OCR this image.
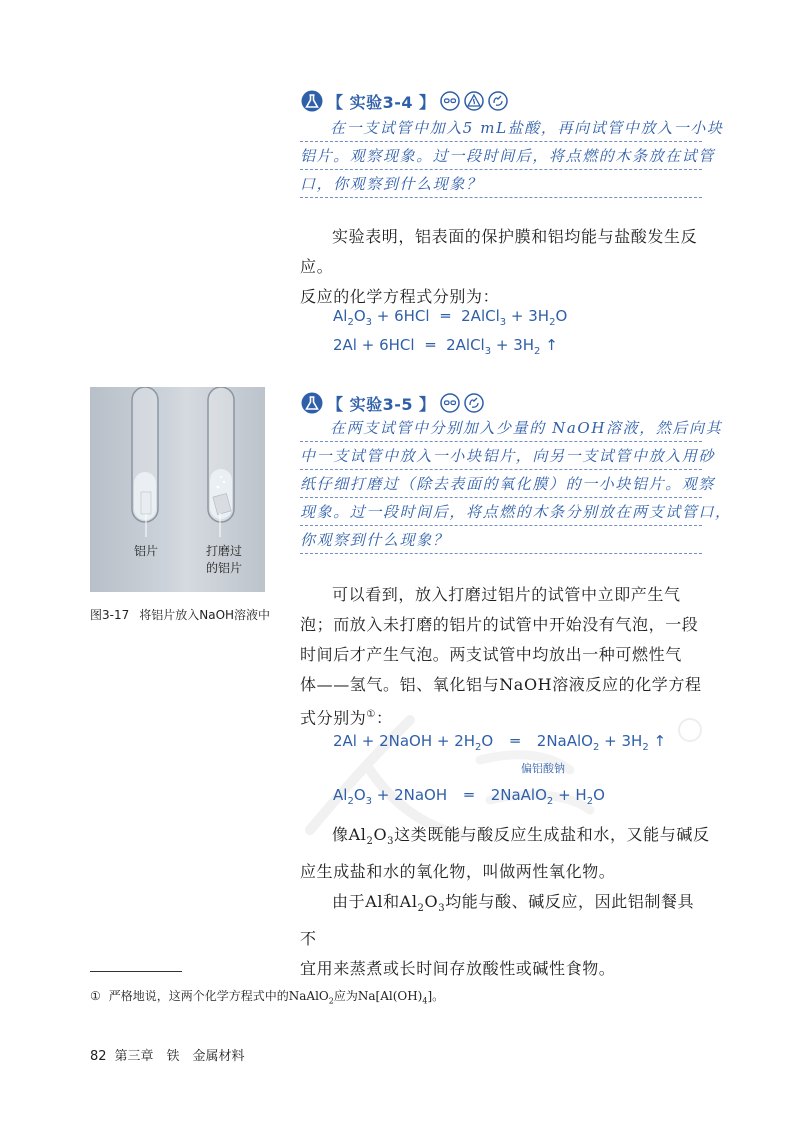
【 实验3-4 】
在一支试管中加入5 mL盐酸，再向试管中放入一小块
铝片。观察现象。过一段时间后，将点燃的木条放在试管
口，你观察到什么现象？
实验表明，铝表面的保护膜和铝均能与盐酸发生反应。
反应的化学方程式分别为：
$Al_2O_3 + 6HCl$ ═ 2AlCl$_3$ + $3H_2O$
2Al + 6HCl ═ 2AlCl$_3$ + $3H_2$ ↑
铝片	打磨过
的铝片
图3-17 将铝片放入NaOH溶液中
【 实验3-5 】
在两支试管中分别加入少量的 NaOH溶液，然后向其
中一支试管中放入一小块铝片，向另一支试管中放入用砂
纸仔细打磨过（除去表面的氧化膜）的一小块铝片。观察
现象。过一段时间后，将点燃的木条分别放在两支试管口，
你观察到什么现象？
可以看到，放入打磨过铝片的试管中立即产生气
泡；而放入未打磨的铝片的试管中开始没有气泡，一段
时间后才产生气泡。两支试管中均放出一种可燃性气
体——氢气。铝、氧化铝与NaOH溶液反应的化学方程
式分别为①：
2Al + 2NaOH + $2H_2O$ ═ 2NaAlO$_2$ + $3H_2$ ↑
偏铝酸钠
$Al_2O_3$ + 2NaOH ═ 2NaAlO$_2$ + $H_2O$
像$Al_2O_3$这类既能与酸反应生成盐和水，又能与碱反
应生成盐和水的氧化物，叫做两性氧化物。
由于Al和$Al_2O_3$均能与酸、碱反应，因此铝制餐具不
宜用来蒸煮或长时间存放酸性或碱性食物。
① 严格地说，这两个化学方程式中的NaAlO$_2$应为$Na[Al(OH)_4]$。
82 第三章　铁　金属材料
